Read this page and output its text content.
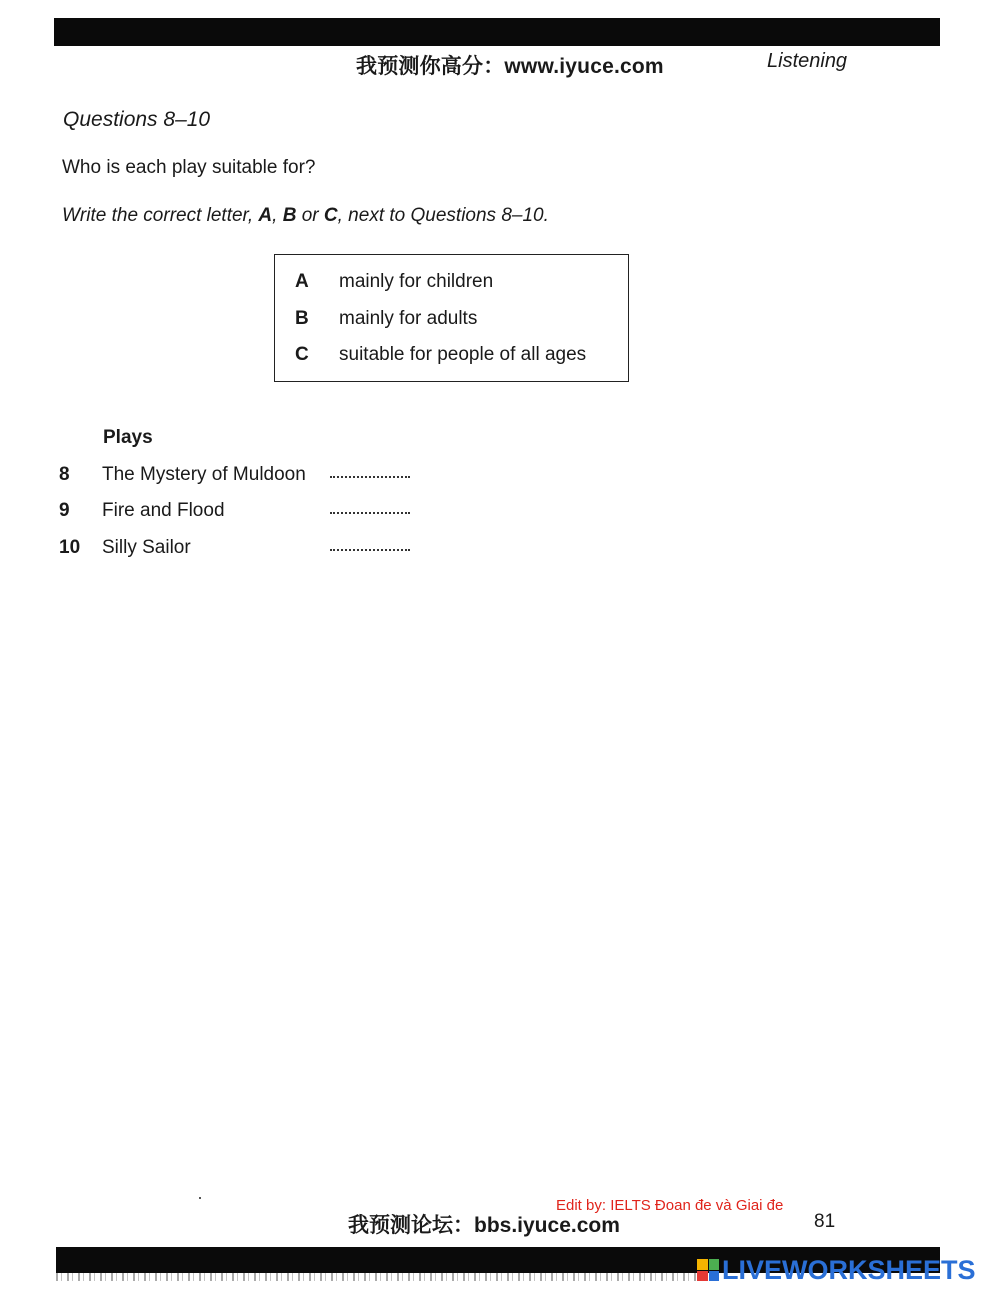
我预测你高分：www.iyuce.com	Listening
Questions 8–10
Who is each play suitable for?
Write the correct letter, A, B or C, next to Questions 8–10.
A mainly for children
B mainly for adults
C suitable for people of all ages
Plays
8 The Mystery of Muldoon
9 Fire and Flood
10 Silly Sailor
Edit by: IELTS Đoan đe và Giai đe
我预测论坛：bbs.iyuce.com	81
LIVEWORKSHEETS
